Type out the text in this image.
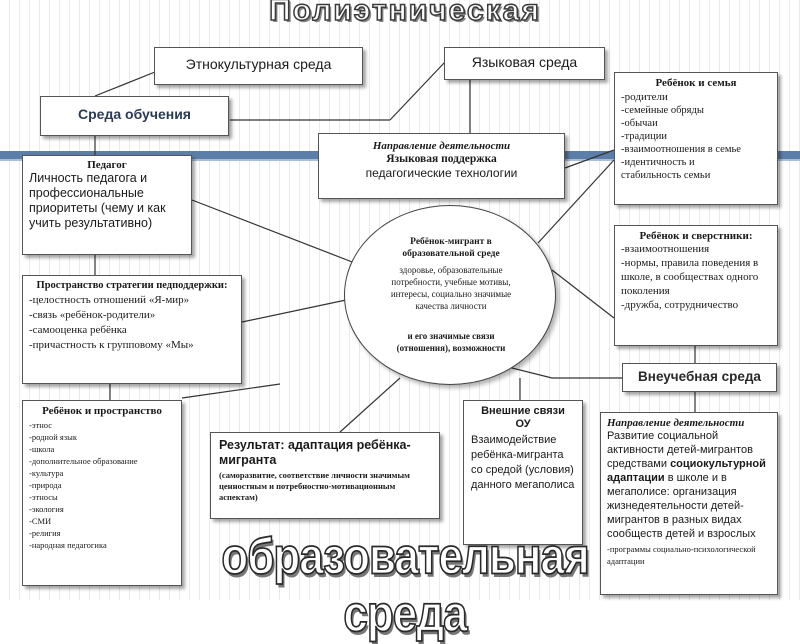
Полиэтническая
Этнокультурная среда	Языковая среда
Среда обучения
Направление деятельности
Языковая поддержка
педагогические технологии
Ребёнок и семья
-родители
-семейные обряды
-обычаи
-традиции
-взаимоотношения в семье
-идентичность и
стабильность семьи
Педагог
Личность педагога и профессиональные приоритеты (чему и как учить результативно)
Ребёнок и сверстники:
-взаимоотношения
-нормы, правила поведения в школе, в сообществах одного поколения
-дружба, сотрудничество
Пространство стратегии педподдержки:
-целостность отношений «Я-мир»
-связь «ребёнок-родители»
-самооценка ребёнка
-причастность к групповому «Мы»
Ребёнок-мигрант в образовательной среде
здоровье, образовательные потребности, учебные мотивы, интересы, социально значимые качества личности
и его значимые связи (отношения), возможности
Внеучебная среда
Ребёнок и пространство
-этнос
-родной язык
-школа
-дополнительное образование
-культура
-природа
-этносы
-экология
-СМИ
-религия
-народная педагогика
Результат: адаптация ребёнка-мигранта
(саморазвитие, соответствие личности значимым ценностным и потребностно-мотивационным аспектам)
Внешние связи ОУ
Взаимодействие ребёнка-мигранта со средой (условия) данного мегаполиса
Направление деятельности
Развитие социальной активности детей-мигрантов средствами социокультурной адаптации в школе и в мегаполисе: организация жизнедеятельности детей-мигрантов в разных видах сообществ детей и взрослых
-программы социально-психологической адаптации
образовательная среда
